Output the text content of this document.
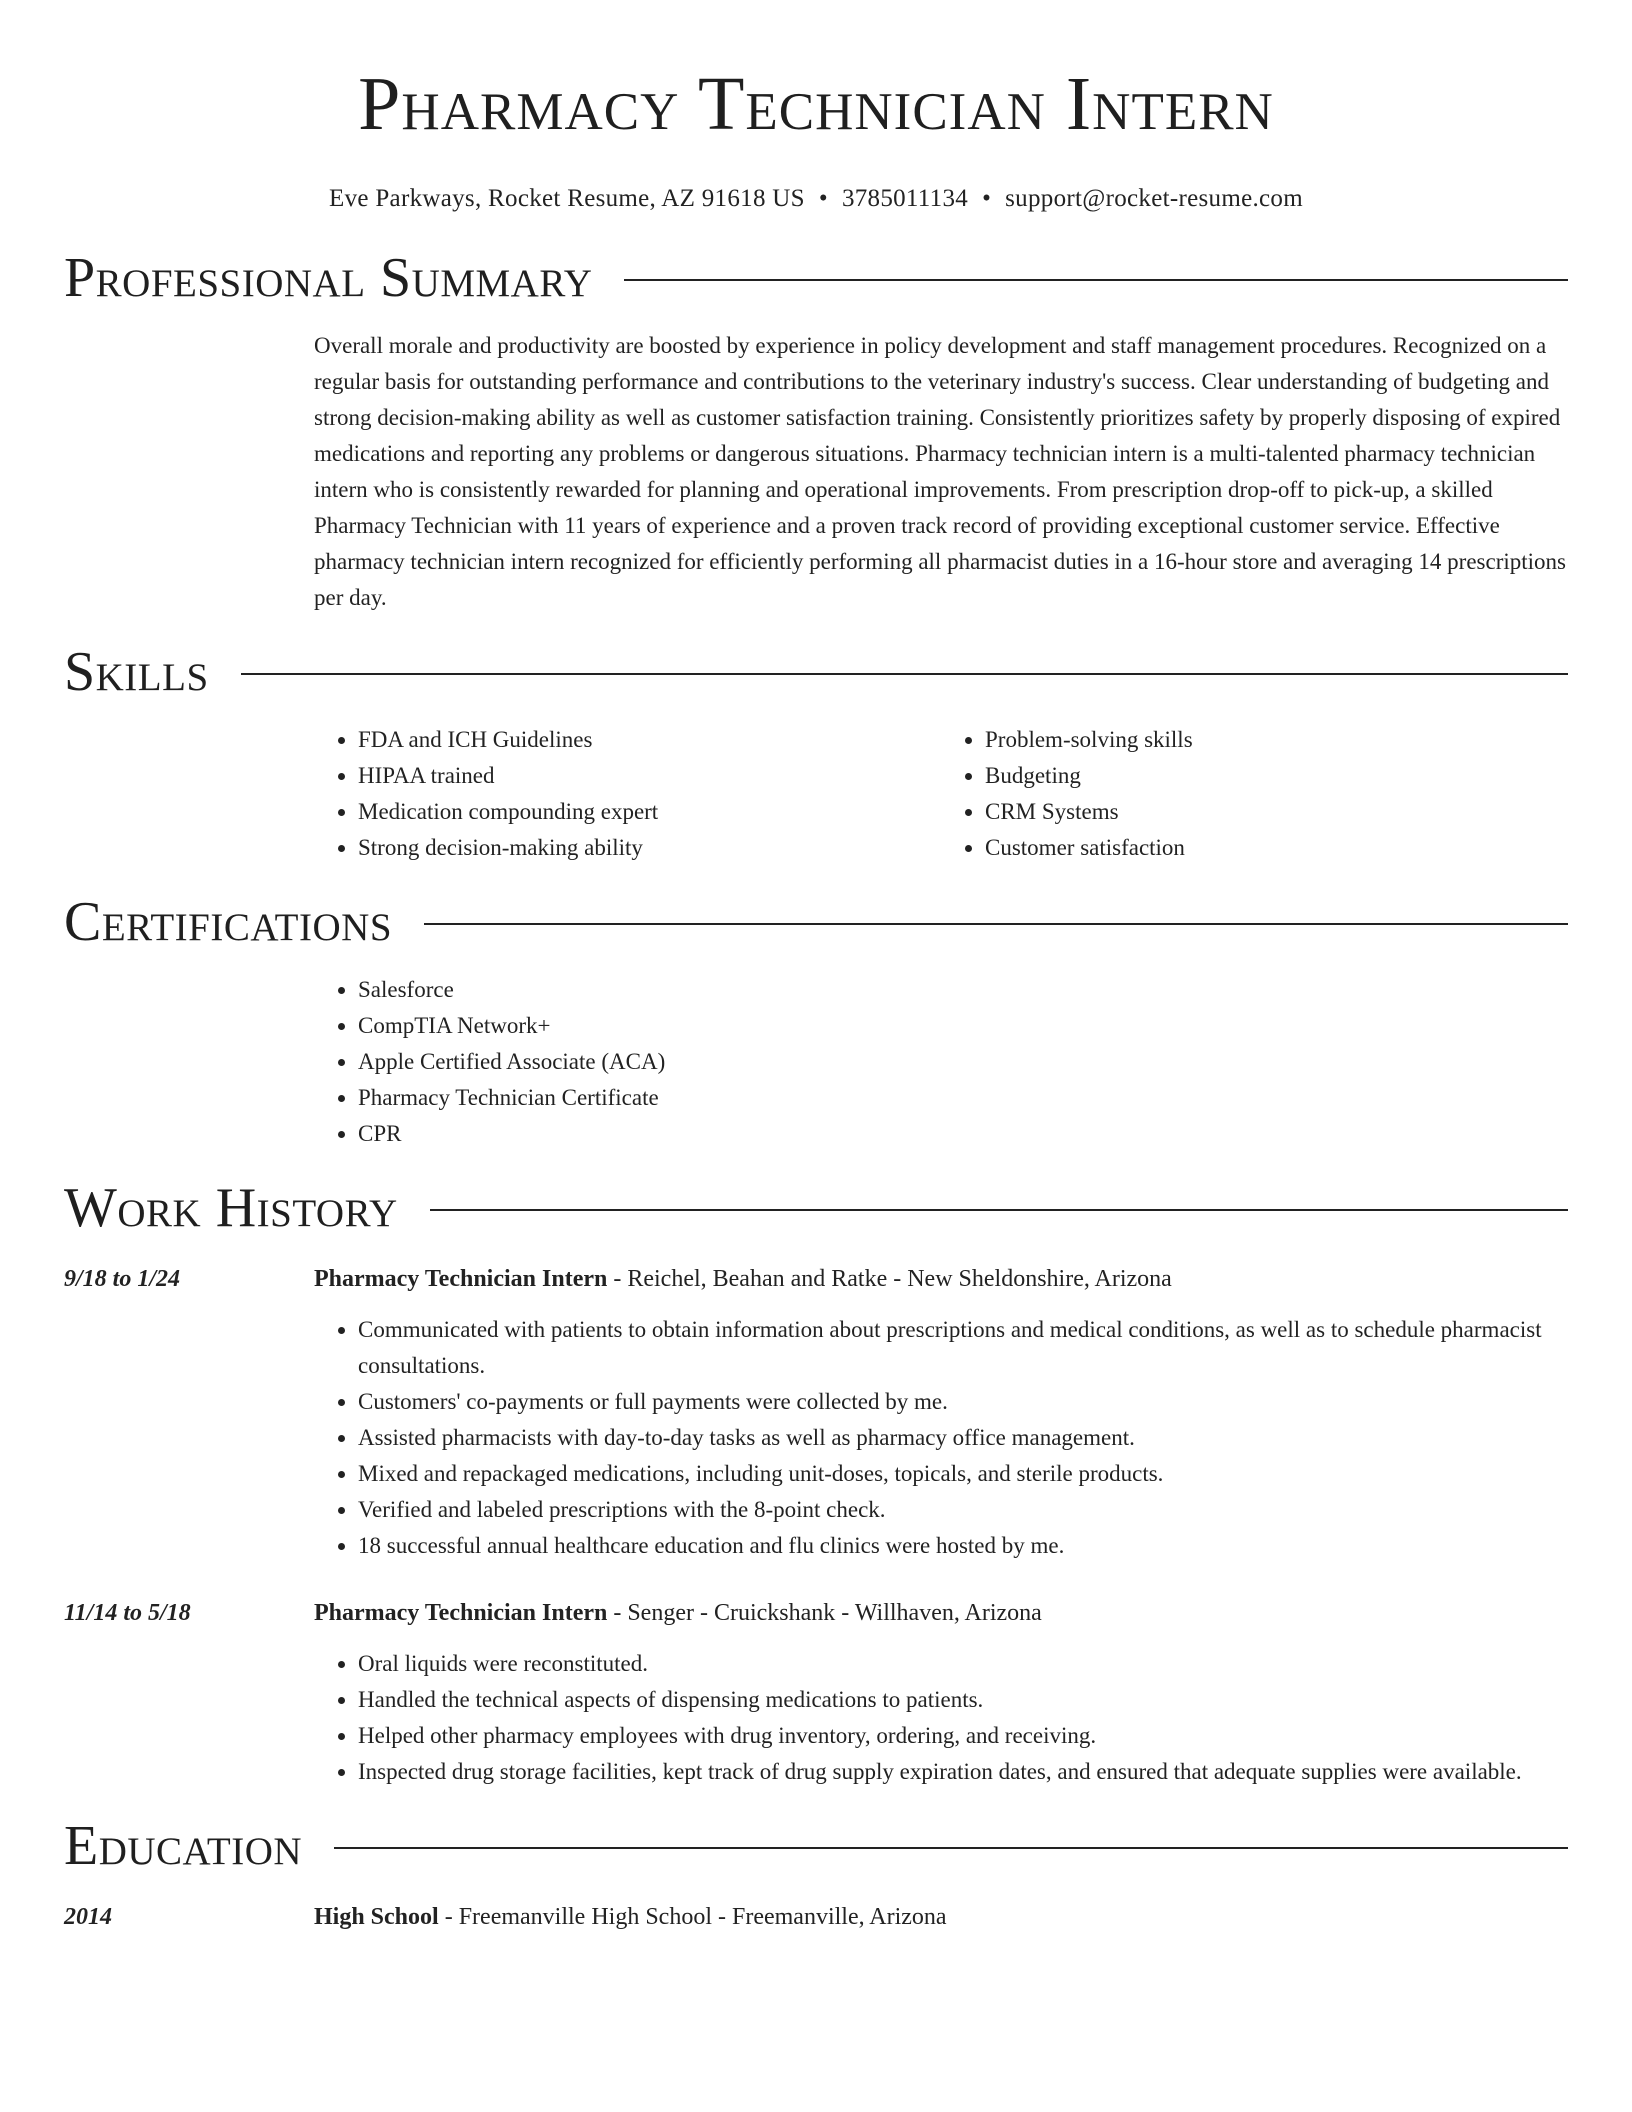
Pharmacy Technician Intern
Eve Parkways, Rocket Resume, AZ 91618 US • 3785011134 • support@rocket-resume.com
Professional Summary

Overall morale and productivity are boosted by experience in policy development and staff management procedures. Recognized on a regular basis for outstanding performance and contributions to the veterinary industry's success. Clear understanding of budgeting and strong decision-making ability as well as customer satisfaction training. Consistently prioritizes safety by properly disposing of expired medications and reporting any problems or dangerous situations. Pharmacy technician intern is a multi-talented pharmacy technician intern who is consistently rewarded for planning and operational improvements. From prescription drop-off to pick-up, a skilled Pharmacy Technician with 11 years of experience and a proven track record of providing exceptional customer service. Effective pharmacy technician intern recognized for efficiently performing all pharmacist duties in a 16-hour store and averaging 14 prescriptions per day.

Skills
• FDA and ICH Guidelines
• HIPAA trained
• Medication compounding expert
• Strong decision-making ability
• Problem-solving skills
• Budgeting
• CRM Systems
• Customer satisfaction
Certifications
• Salesforce
• CompTIA Network+
• Apple Certified Associate (ACA)
• Pharmacy Technician Certificate
• CPR
Work History
9/18 to 1/24	Pharmacy Technician Intern - Reichel, Beahan and Ratke - New Sheldonshire, Arizona
• Communicated with patients to obtain information about prescriptions and medical conditions, as well as to schedule pharmacist consultations.
• Customers' co-payments or full payments were collected by me.
• Assisted pharmacists with day-to-day tasks as well as pharmacy office management.
• Mixed and repackaged medications, including unit-doses, topicals, and sterile products.
• Verified and labeled prescriptions with the 8-point check.
• 18 successful annual healthcare education and flu clinics were hosted by me.
11/14 to 5/18	Pharmacy Technician Intern - Senger - Cruickshank - Willhaven, Arizona
• Oral liquids were reconstituted.
• Handled the technical aspects of dispensing medications to patients.
• Helped other pharmacy employees with drug inventory, ordering, and receiving.
• Inspected drug storage facilities, kept track of drug supply expiration dates, and ensured that adequate supplies were available.
Education
2014	High School - Freemanville High School - Freemanville, Arizona
